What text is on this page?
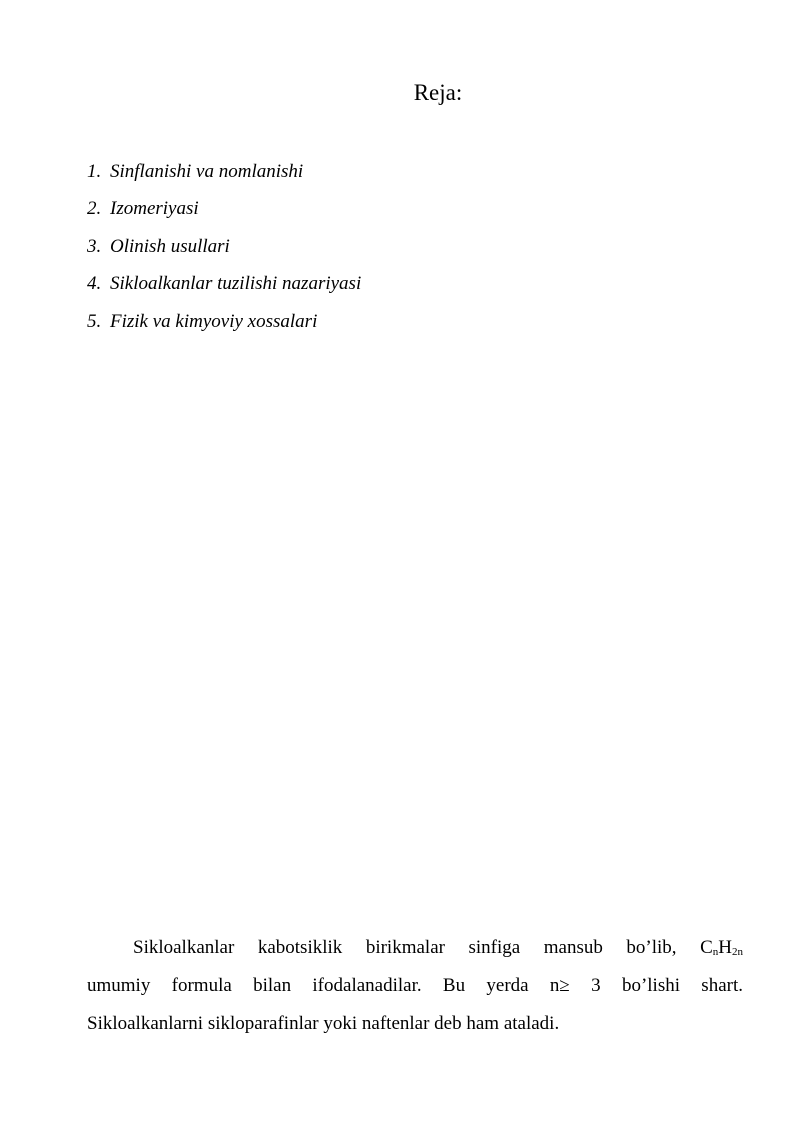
Reja:
1. Sinflanishi va nomlanishi
2. Izomeriyasi
3. Olinish usullari
4. Sikloalkanlar tuzilishi nazariyasi
5. Fizik va kimyoviy xossalari
Sikloalkanlar kabotsiklik birikmalar sinfiga mansub bo’lib, $C_nH_{2n}$
umumiy formula bilan ifodalanadilar. Bu yerda n≥ 3 bo’lishi shart.
Sikloalkanlarni sikloparafinlar yoki naftenlar deb ham ataladi.
